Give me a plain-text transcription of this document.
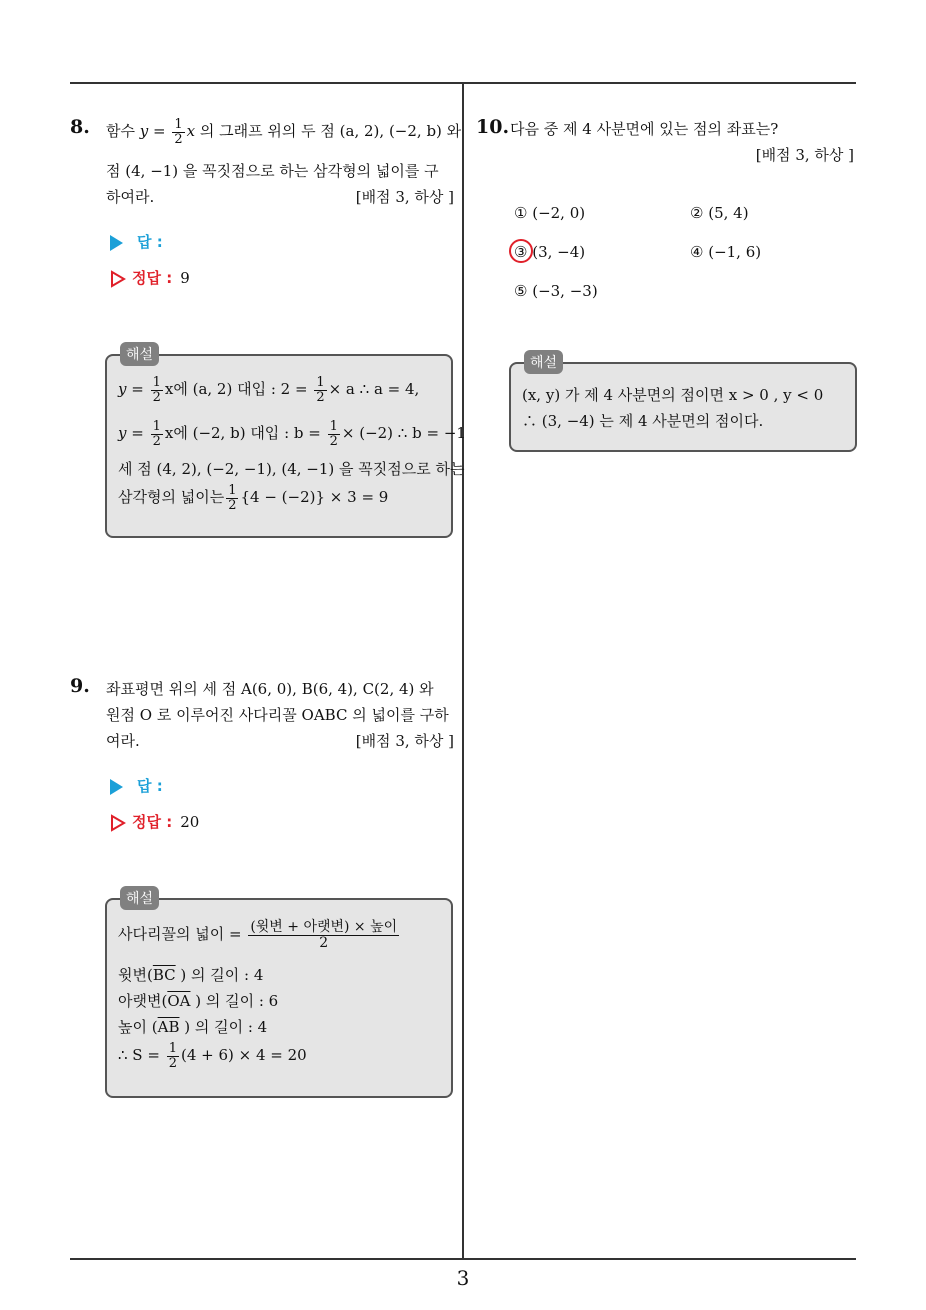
8. 함수 $y = \frac{1}{2}$ x 의 그래프 위의 두 점 (a, 2), (−2, b) 와
점 (4, −1) 을 꼭짓점으로 하는 삼각형의 넓이를 구
하여라.	[배점 3, 하상 ]
답 :
정답 : 9
해설
$y = \frac{1}{2}$ x에 (a, 2) 대입 : $2 = \frac{1}{2} \times a$ ∴ a = 4,
$y = \frac{1}{2}$ x에 (−2, b) 대입 : $b = \frac{1}{2} \times (-2)$ ∴ b = −1
세 점 (4, 2), (−2, −1), (4, −1) 을 꼭짓점으로 하는
삼각형의 넓이는 $\frac{1}{2} \{4 - (-2)\} \times 3 = 9$
9. 좌표평면 위의 세 점 A(6, 0), B(6, 4), C(2, 4) 와
원점 O 로 이루어진 사다리꼴 OABC 의 넓이를 구하
여라.	[배점 3, 하상 ]
답 :
정답 : 20
해설
사다리꼴의 넓이 = $\frac{\text{(윗변 + 아랫변) × 높이}}{2}$
윗변($\overline{BC}$ ) 의 길이 : 4
아랫변($\overline{OA}$ ) 의 길이 : 6
높이 ($\overline{AB}$ ) 의 길이 : 4
∴ $S = \frac{1}{2} (4 + 6) \times 4 = 20$
10. 다음 중 제 4 사분면에 있는 점의 좌표는?
[배점 3, 하상 ]
① (−2, 0)	② (5, 4)
③ (3, −4)	④ (−1, 6)
⑤ (−3, −3)
해설
(x, y) 가 제 4 사분면의 점이면 x > 0 , y < 0
∴ (3, −4) 는 제 4 사분면의 점이다.
3
